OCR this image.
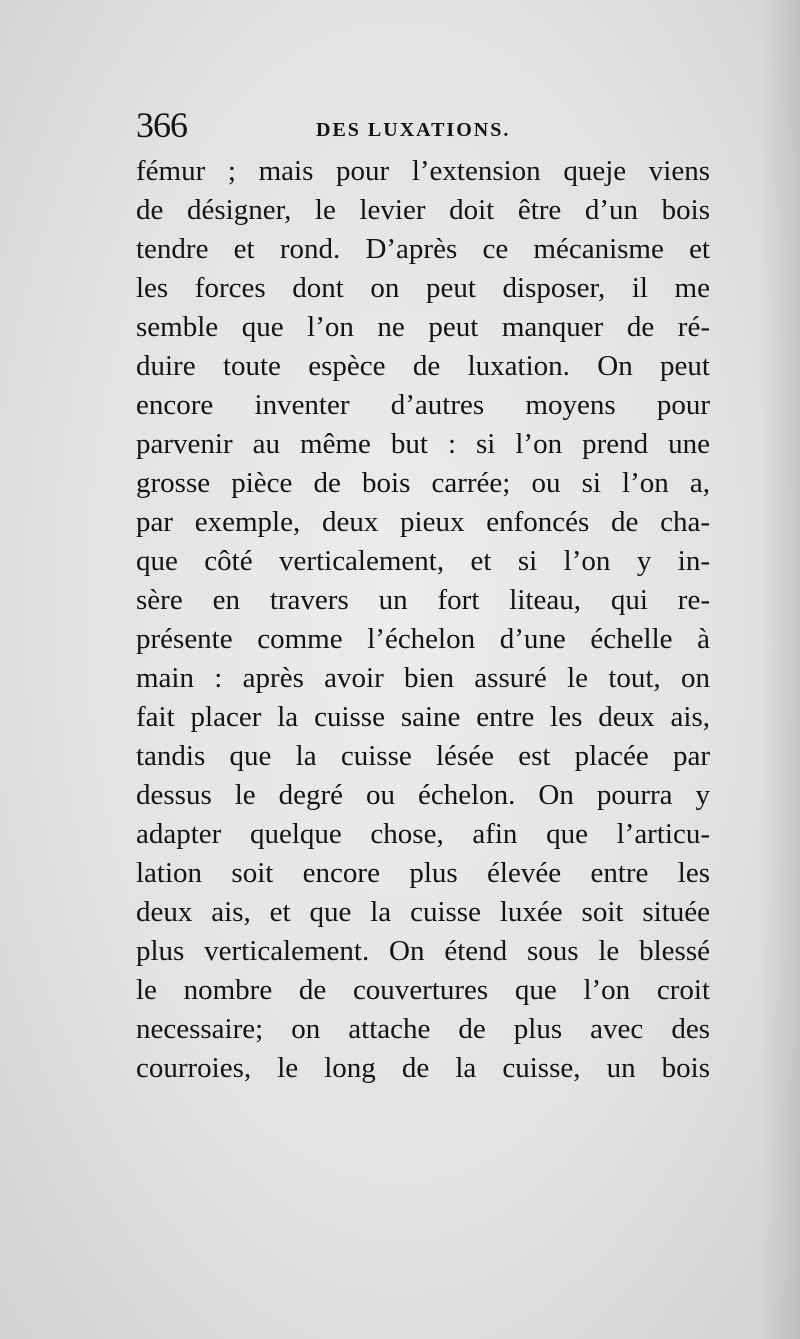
366	DES LUXATIONS.
fémur ; mais pour l’extension queje viens
de désigner, le levier doit être d’un bois
tendre et rond. D’après ce mécanisme et
les forces dont on peut disposer, il me
semble que l’on ne peut manquer de ré-
duire toute espèce de luxation. On peut
encore inventer d’autres moyens pour
parvenir au même but : si l’on prend une
grosse pièce de bois carrée; ou si l’on a,
par exemple, deux pieux enfoncés de cha-
que côté verticalement, et si l’on y in-
sère en travers un fort liteau, qui re-
présente comme l’échelon d’une échelle à
main : après avoir bien assuré le tout, on
fait placer la cuisse saine entre les deux ais,
tandis que la cuisse lésée est placée par
dessus le degré ou échelon. On pourra y
adapter quelque chose, afin que l’articu-
lation soit encore plus élevée entre les
deux ais, et que la cuisse luxée soit située
plus verticalement. On étend sous le blessé
le nombre de couvertures que l’on croit
necessaire; on attache de plus avec des
courroies, le long de la cuisse, un bois
